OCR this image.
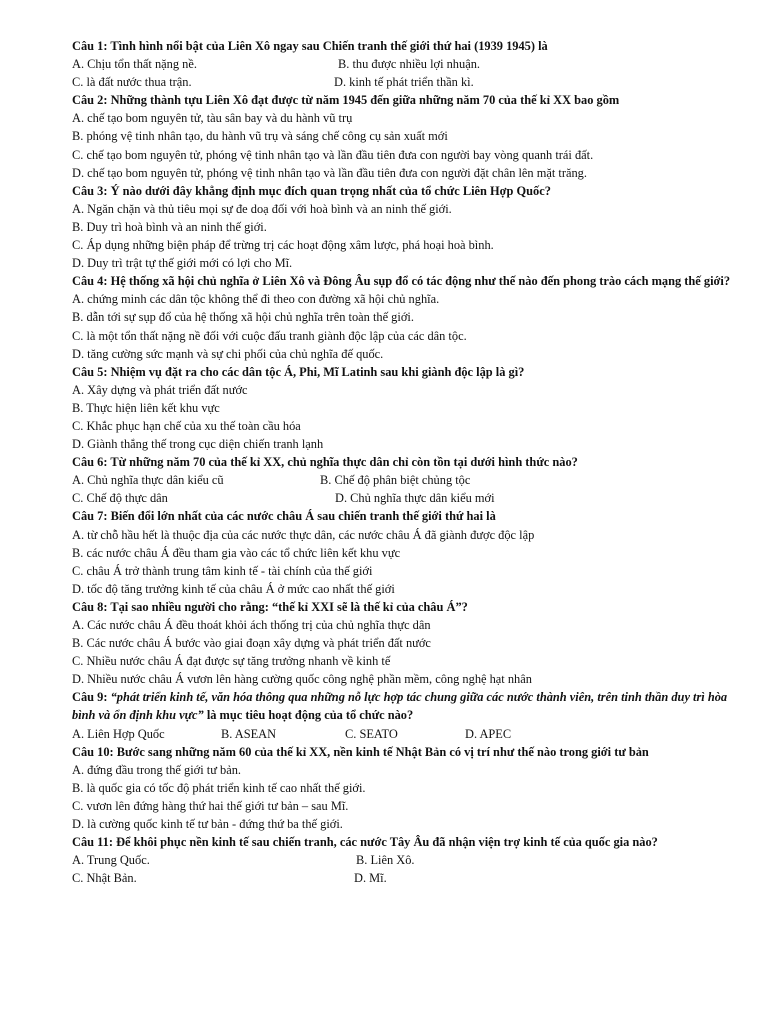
Câu 1: Tình hình nổi bật của Liên Xô ngay sau Chiến tranh thế giới thứ hai (1939 1945) là
A. Chịu tổn thất nặng nề.	B. thu được nhiều lợi nhuận.
C. là đất nước thua trận.	D. kinh tế phát triển thần kì.
Câu 2: Những thành tựu Liên Xô đạt được từ năm 1945 đến giữa những năm 70 của thế kỉ XX bao gồm
A. chế tạo bom nguyên tử, tàu sân bay và du hành vũ trụ
B. phóng vệ tinh nhân tạo, du hành vũ trụ và sáng chế công cụ sản xuất mới
C. chế tạo bom nguyên tử, phóng vệ tinh nhân tạo và lần đầu tiên đưa con người bay vòng quanh trái đất.
D. chế tạo bom nguyên tử, phóng vệ tinh nhân tạo và lần đầu tiên đưa con người đặt chân lên mặt trăng.
Câu 3: Ý nào dưới đây khẳng định mục đích quan trọng nhất của tổ chức Liên Hợp Quốc?
A. Ngăn chặn và thủ tiêu mọi sự đe doạ đối với hoà bình và an ninh thế giới.
B. Duy trì hoà bình và an ninh thế giới.
C. Áp dụng những biện pháp để trừng trị các hoạt động xâm lược, phá hoại hoà bình.
D. Duy trì trật tự thế giới mới có lợi cho Mĩ.
Câu 4: Hệ thống xã hội chủ nghĩa ở Liên Xô và Đông Âu sụp đổ có tác động như thế nào đến phong trào cách mạng thế giới?
A. chứng minh các dân tộc không thể đi theo con đường xã hội chủ nghĩa.
B. dẫn tới sự sụp đổ của hệ thống xã hội chủ nghĩa trên toàn thế giới.
C. là một tổn thất nặng nề đối với cuộc đấu tranh giành độc lập của các dân tộc.
D. tăng cường sức mạnh và sự chi phối của chủ nghĩa đế quốc.
Câu 5: Nhiệm vụ đặt ra cho các dân tộc Á, Phi, Mĩ Latinh sau khi giành độc lập là gì?
A. Xây dựng và phát triển đất nước
B. Thực hiện liên kết khu vực
C. Khắc phục hạn chế của xu thế toàn cầu hóa
D. Giành thắng thế trong cục diện chiến tranh lạnh
Câu 6: Từ những năm 70 của thế kỉ XX, chủ nghĩa thực dân chỉ còn tồn tại dưới hình thức nào?
A. Chủ nghĩa thực dân kiểu cũ	B. Chế độ phân biệt chủng tộc
C. Chế độ thực dân	D. Chủ nghĩa thực dân kiểu mới
Câu 7: Biến đổi lớn nhất của các nước châu Á sau chiến tranh thế giới thứ hai là
A. từ chỗ hầu hết là thuộc địa của các nước thực dân, các nước châu Á đã giành được độc lập
B. các nước châu Á đều tham gia vào các tổ chức liên kết khu vực
C. châu Á trở thành trung tâm kinh tế - tài chính của thế giới
D. tốc độ tăng trưởng kinh tế của châu Á ở mức cao nhất thế giới
Câu 8: Tại sao nhiều người cho rằng: “thế kỉ XXI sẽ là thế kỉ của châu Á”?
A. Các nước châu Á đều thoát khỏi ách thống trị của chủ nghĩa thực dân
B. Các nước châu Á bước vào giai đoạn xây dựng và phát triển đất nước
C. Nhiều nước châu Á đạt được sự tăng trưởng nhanh về kinh tế
D. Nhiều nước châu Á vươn lên hàng cường quốc công nghệ phần mềm, công nghệ hạt nhân
Câu 9: “phát triển kinh tế, văn hóa thông qua những nỗ lực hợp tác chung giữa các nước thành viên, trên tinh thần duy trì hòa bình và ổn định khu vực” là mục tiêu hoạt động của tổ chức nào?
A. Liên Hợp Quốc	B. ASEAN	C. SEATO	D. APEC
Câu 10: Bước sang những năm 60 của thế kỉ XX, nền kinh tế Nhật Bản có vị trí như thế nào trong giới tư bản
A. đứng đầu trong thế giới tư bản.
B. là quốc gia có tốc độ phát triển kinh tế cao nhất thế giới.
C. vươn lên đứng hàng thứ hai thế giới tư bản – sau Mĩ.
D. là cường quốc kinh tế tư bản - đứng thứ ba thế giới.
Câu 11: Để khôi phục nền kinh tế sau chiến tranh, các nước Tây Âu đã nhận viện trợ kinh tế của quốc gia nào?
A. Trung Quốc.	B. Liên Xô.
C. Nhật Bản.	D. Mĩ.
